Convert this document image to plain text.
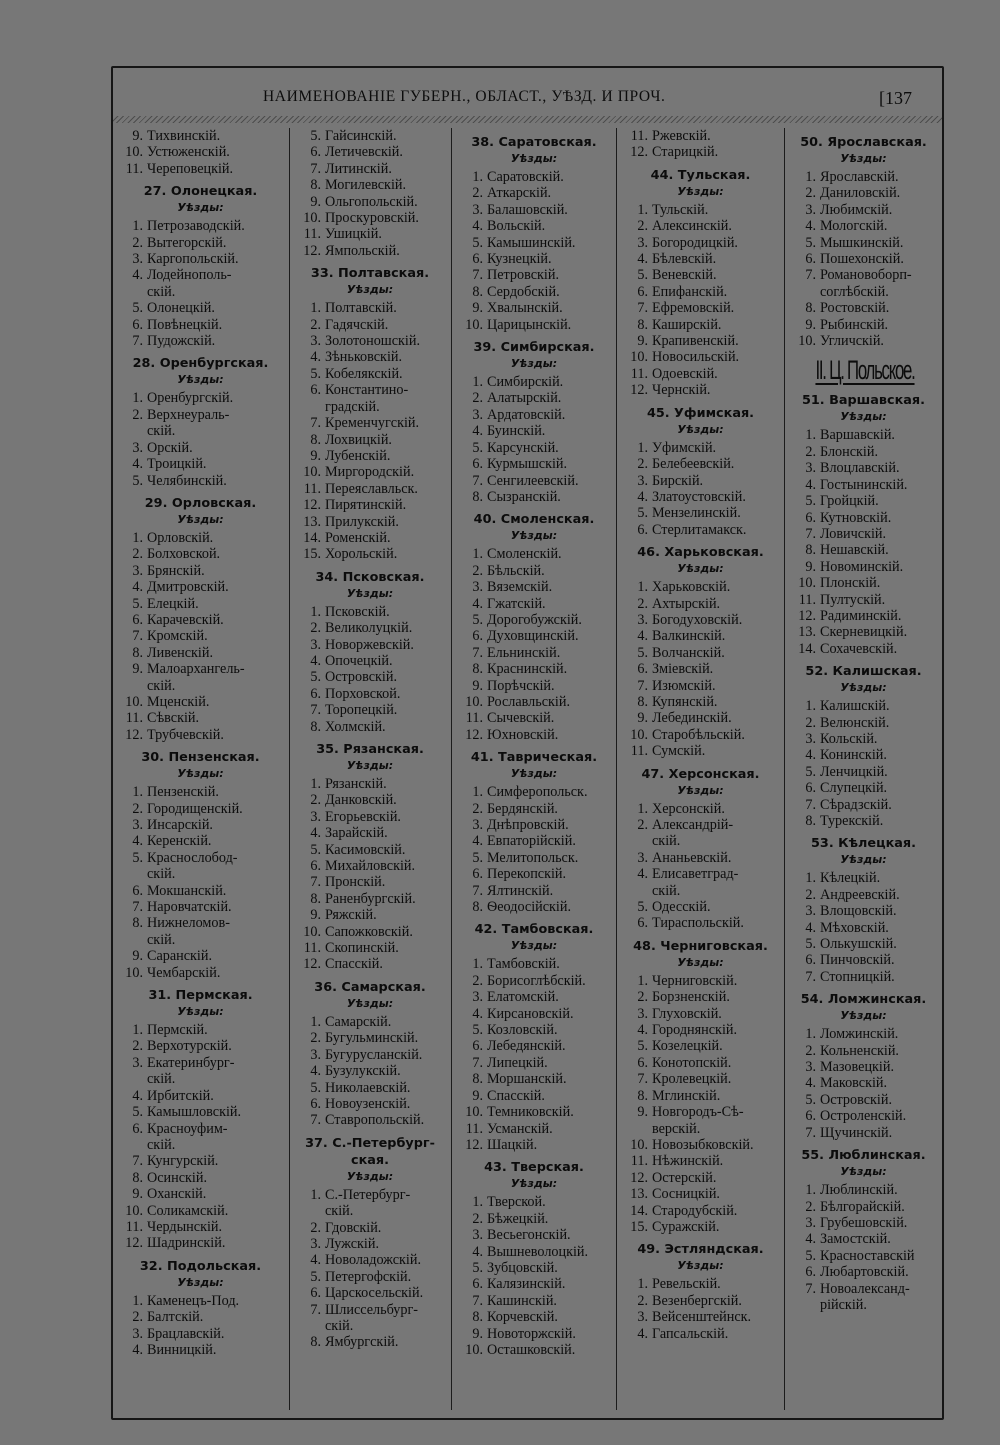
НАИМЕНОВАНІЕ ГУБЕРН., ОБЛАСТ., УѢЗД. И ПРОЧ.	[137
9. Тихвинскій.
10. Устюженскій.
11. Череповецкій.
27. Олонецкая.
Уѣзды:
1. Петрозаводскій.
2. Вытегорскій.
3. Каргопольскій.
4. Лодейнополь-
скій.
5. Олонецкій.
6. Повѣнецкій.
7. Пудожскій.
28. Оренбургская.
Уѣзды:
1. Оренбургскій.
2. Верхнеураль-
скій.
3. Орскій.
4. Троицкій.
5. Челябинскій.
29. Орловская.
Уѣзды:
1. Орловскій.
2. Болховской.
3. Брянскій.
4. Дмитровскій.
5. Елецкій.
6. Карачевскій.
7. Кромскій.
8. Ливенскій.
9. Малоархангель-
скій.
10. Мценскій.
11. Сѣвскій.
12. Трубчевскій.
30. Пензенская.
Уѣзды:
1. Пензенскій.
2. Городищенскій.
3. Инсарскій.
4. Керенскій.
5. Краснослобод-
скій.
6. Мокшанскій.
7. Наровчатскій.
8. Нижнеломов-
скій.
9. Саранскій.
10. Чембарскій.
31. Пермская.
Уѣзды:
1. Пермскій.
2. Верхотурскій.
3. Екатеринбург-
скій.
4. Ирбитскій.
5. Камышловскій.
6. Красноуфим-
скій.
7. Кунгурскій.
8. Осинскій.
9. Оханскій.
10. Соликамскій.
11. Чердынскій.
12. Шадринскій.
32. Подольская.
Уѣзды:
1. Каменецъ-Под.
2. Балтскій.
3. Брацлавскій.
4. Винницкій.
5. Гайсинскій.
6. Летичевскій.
7. Литинскій.
8. Могилевскій.
9. Ольгопольскій.
10. Проскуровскій.
11. Ушицкій.
12. Ямпольскій.
33. Полтавская.
Уѣзды:
1. Полтавскій.
2. Гадячскій.
3. Золотоношскій.
4. Зѣньковскій.
5. Кобелякскій.
6. Константино-
градскій.
7. Кременчугскій.
8. Лохвицкій.
9. Лубенскій.
10. Миргородскій.
11. Переяславльск.
12. Пирятинскій.
13. Прилукскій.
14. Роменскій.
15. Хорольскій.
34. Псковская.
Уѣзды:
1. Псковскій.
2. Великолуцкій.
3. Новоржевскій.
4. Опочецкій.
5. Островскій.
6. Порховской.
7. Торопецкій.
8. Холмскій.
35. Рязанская.
Уѣзды:
1. Рязанскій.
2. Данковскій.
3. Егорьевскій.
4. Зарайскій.
5. Касимовскій.
6. Михайловскій.
7. Пронскій.
8. Раненбургскій.
9. Ряжскій.
10. Сапожковскій.
11. Скопинскій.
12. Спасскій.
36. Самарская.
Уѣзды:
1. Самарскій.
2. Бугульминскій.
3. Бугурусланскій.
4. Бузулукскій.
5. Николаевскій.
6. Новоузенскій.
7. Ставропольскій.
37. С.-Петербург-
ская.
Уѣзды:
1. С.-Петербург-
скій.
2. Гдовскій.
3. Лужскій.
4. Новоладожскій.
5. Петергофскій.
6. Царскосельскій.
7. Шлиссельбург-
скій.
8. Ямбургскій.
38. Саратовская.
Уѣзды:
1. Саратовскій.
2. Аткарскій.
3. Балашовскій.
4. Вольскій.
5. Камышинскій.
6. Кузнецкій.
7. Петровскій.
8. Сердобскій.
9. Хвалынскій.
10. Царицынскій.
39. Симбирская.
Уѣзды:
1. Симбирскій.
2. Алатырскій.
3. Ардатовскій.
4. Буинскій.
5. Карсунскій.
6. Курмышскій.
7. Сенгилеевскій.
8. Сызранскій.
40. Смоленская.
Уѣзды:
1. Смоленскій.
2. Бѣльскій.
3. Вяземскій.
4. Гжатскій.
5. Дорогобужскій.
6. Духовщинскій.
7. Ельнинскій.
8. Краснинскій.
9. Порѣчскій.
10. Рославльскій.
11. Сычевскій.
12. Юхновскій.
41. Таврическая.
Уѣзды:
1. Симферопольск.
2. Бердянскій.
3. Днѣпровскій.
4. Евпаторійскій.
5. Мелитопольск.
6. Перекопскій.
7. Ялтинскій.
8. Ѳеодосійскій.
42. Тамбовская.
Уѣзды:
1. Тамбовскій.
2. Борисоглѣбскій.
3. Елатомскій.
4. Кирсановскій.
5. Козловскій.
6. Лебедянскій.
7. Липецкій.
8. Моршанскій.
9. Спасскій.
10. Темниковскій.
11. Усманскій.
12. Шацкій.
43. Тверская.
Уѣзды:
1. Тверской.
2. Бѣжецкій.
3. Весьегонскій.
4. Вышневолоцкій.
5. Зубцовскій.
6. Калязинскій.
7. Кашинскій.
8. Корчевскій.
9. Новоторжскій.
10. Осташковскій.
11. Ржевскій.
12. Старицкій.
44. Тульская.
Уѣзды:
1. Тульскій.
2. Алексинскій.
3. Богородицкій.
4. Бѣлевскій.
5. Веневскій.
6. Епифанскій.
7. Ефремовскій.
8. Каширскій.
9. Крапивенскій.
10. Новосильскій.
11. Одоевскій.
12. Чернскій.
45. Уфимская.
Уѣзды:
1. Уфимскій.
2. Белебеевскій.
3. Бирскій.
4. Златоустовскій.
5. Мензелинскій.
6. Стерлитамакск.
46. Харьковская.
Уѣзды:
1. Харьковскій.
2. Ахтырскій.
3. Богодуховскій.
4. Валкинскій.
5. Волчанскій.
6. Зміевскій.
7. Изюмскій.
8. Купянскій.
9. Лебединскій.
10. Старобѣльскій.
11. Сумскій.
47. Херсонская.
Уѣзды:
1. Херсонскій.
2. Александрій-
скій.
3. Ананьевскій.
4. Елисаветград-
скій.
5. Одесскій.
6. Тираспольскій.
48. Черниговская.
Уѣзды:
1. Черниговскій.
2. Борзненскій.
3. Глуховскій.
4. Городнянскій.
5. Козелецкій.
6. Конотопскій.
7. Кролевецкій.
8. Мглинскій.
9. Новгородъ-Сѣ-
верскій.
10. Новозыбковскій.
11. Нѣжинскій.
12. Остерскій.
13. Сосницкій.
14. Стародубскій.
15. Суражскій.
49. Эстляндская.
Уѣзды:
1. Ревельскій.
2. Везенбергскій.
3. Вейсенштейнск.
4. Гапсальскій.
50. Ярославская.
Уѣзды:
1. Ярославскій.
2. Даниловскій.
3. Любимскій.
4. Мологскій.
5. Мышкинскій.
6. Пошехонскій.
7. Романовоборп-
соглѣбскій.
8. Ростовскій.
9. Рыбинскій.
10. Угличскій.
II. Ц. Польское.
51. Варшавская.
Уѣзды:
1. Варшавскій.
2. Блонскій.
3. Влоцлавскій.
4. Гостынинскій.
5. Гройцкій.
6. Кутновскій.
7. Ловичскій.
8. Нешавскій.
9. Новоминскій.
10. Плонскій.
11. Пултускій.
12. Радиминскій.
13. Скерневицкій.
14. Сохачевскій.
52. Калишская.
Уѣзды:
1. Калишскій.
2. Велюнскій.
3. Кольскій.
4. Конинскій.
5. Ленчицкій.
6. Слупецкій.
7. Сѣрадзскій.
8. Турекскій.
53. Кѣлецкая.
Уѣзды:
1. Кѣлецкій.
2. Андреевскій.
3. Влощовскій.
4. Мѣховскій.
5. Олькушскій.
6. Пинчовскій.
7. Стопницкій.
54. Ломжинская.
Уѣзды:
1. Ломжинскій.
2. Кольненскій.
3. Мазовецкій.
4. Маковскій.
5. Островскій.
6. Остроленскій.
7. Щучинскій.
55. Люблинская.
Уѣзды:
1. Люблинскій.
2. Бѣлгорайскій.
3. Грубешовскій.
4. Замостскій.
5. Красноставскій
6. Любартовскій.
7. Новоалександ-
рійскій.
